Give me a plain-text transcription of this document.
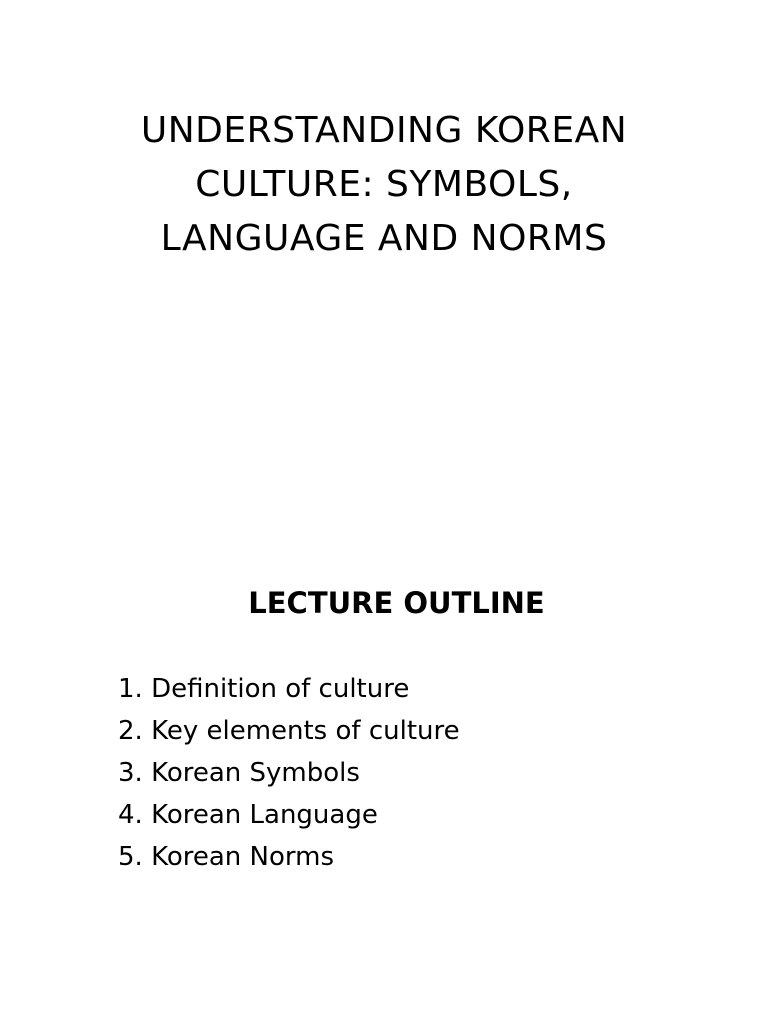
UNDERSTANDING KOREAN
CULTURE: SYMBOLS,
LANGUAGE AND NORMS
LECTURE OUTLINE
1. Definition of culture
2. Key elements of culture
3. Korean Symbols
4. Korean Language
5. Korean Norms
